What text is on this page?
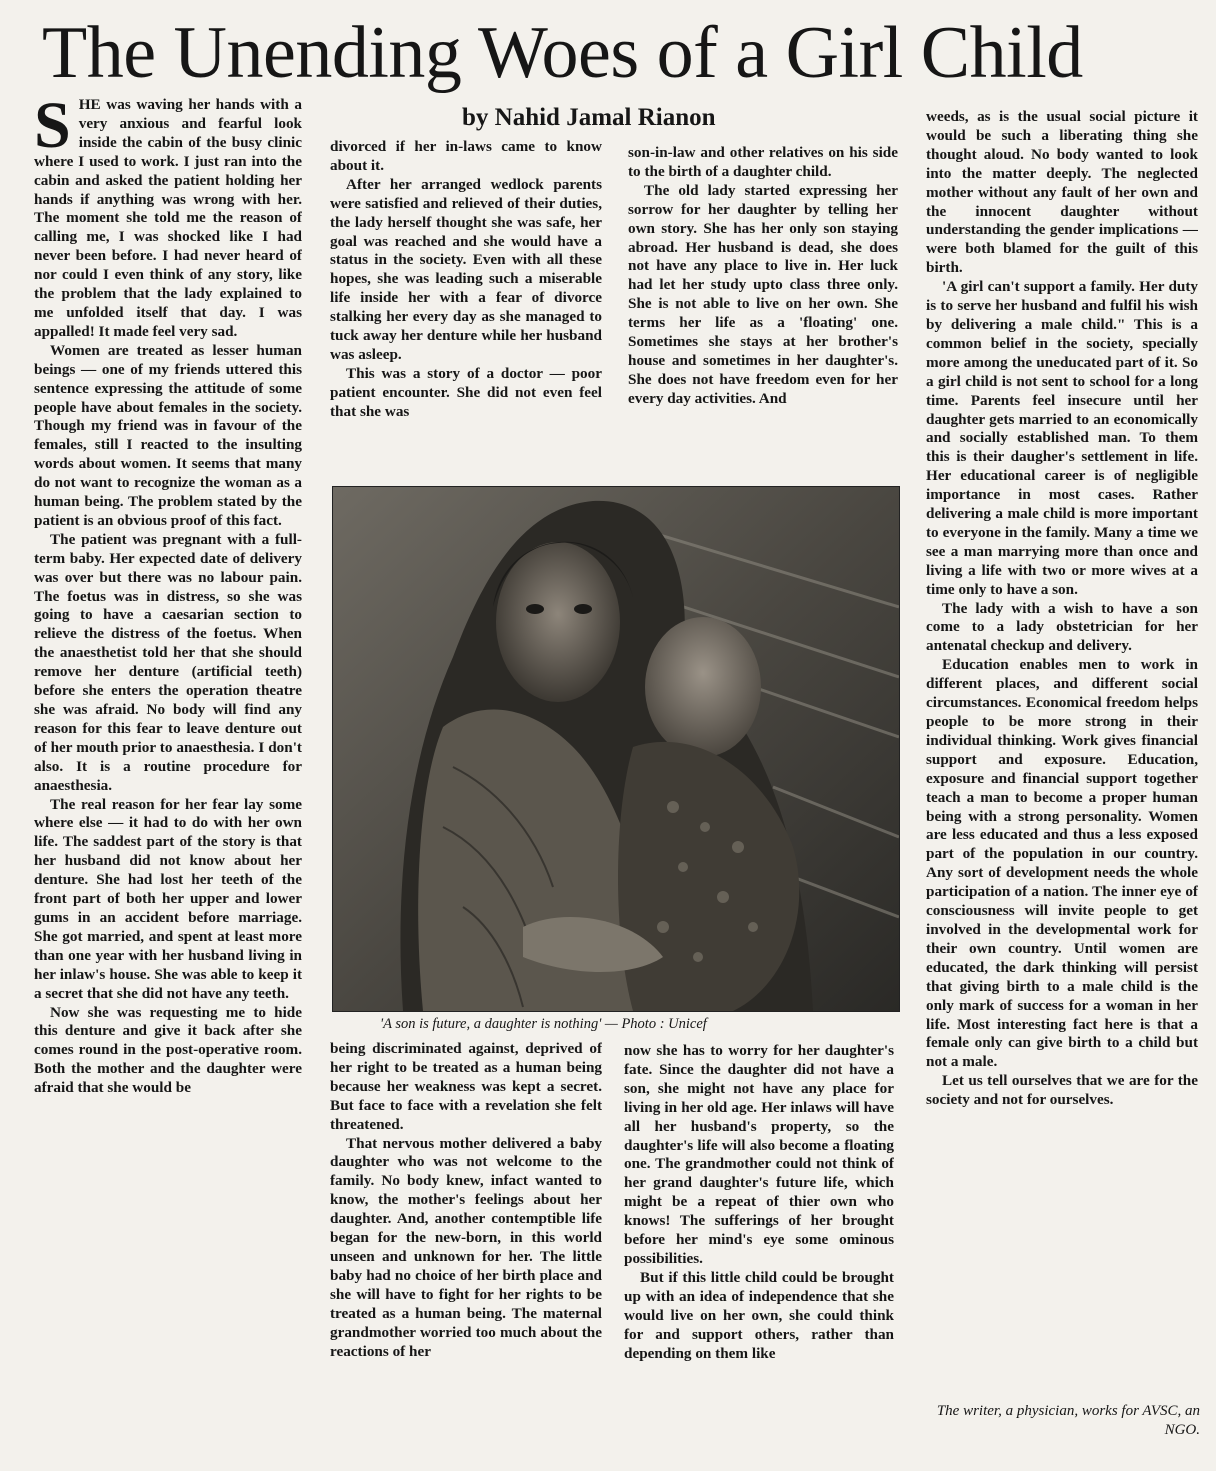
The Unending Woes of a Girl Child
by Nahid Jamal Rianon
S HE was waving her hands with a very anxious and fearful look inside the cabin of the busy clinic where I used to work. I just ran into the cabin and asked the patient holding her hands if anything was wrong with her. The moment she told me the reason of calling me, I was shocked like I had never been before. I had never heard of nor could I even think of any story, like the problem that the lady explained to me unfolded itself that day. I was appalled! It made feel very sad.

Women are treated as lesser human beings — one of my friends uttered this sentence expressing the attitude of some people have about females in the society. Though my friend was in favour of the females, still I reacted to the insulting words about women. It seems that many do not want to recognize the woman as a human being. The problem stated by the patient is an obvious proof of this fact.

The patient was pregnant with a full-term baby. Her expected date of delivery was over but there was no labour pain. The foetus was in distress, so she was going to have a caesarian section to relieve the distress of the foetus. When the anaesthetist told her that she should remove her denture (artificial teeth) before she enters the operation theatre she was afraid. No body will find any reason for this fear to leave denture out of her mouth prior to anaesthesia. I don't also. It is a routine procedure for anaesthesia.

The real reason for her fear lay some where else — it had to do with her own life. The saddest part of the story is that her husband did not know about her denture. She had lost her teeth of the front part of both her upper and lower gums in an accident before marriage. She got married, and spent at least more than one year with her husband living in her inlaw's house. She was able to keep it a secret that she did not have any teeth.

Now she was requesting me to hide this denture and give it back after she comes round in the post-operative room. Both the mother and the daughter were afraid that she would be

divorced if her in-laws came to know about it.

After her arranged wedlock parents were satisfied and relieved of their duties, the lady herself thought she was safe, her goal was reached and she would have a status in the society. Even with all these hopes, she was leading such a miserable life inside her with a fear of divorce stalking her every day as she managed to tuck away her denture while her husband was asleep.

This was a story of a doctor — poor patient encounter. She did not even feel that she was

son-in-law and other relatives on his side to the birth of a daughter child.

The old lady started expressing her sorrow for her daughter by telling her own story. She has her only son staying abroad. Her husband is dead, she does not have any place to live in. Her luck had let her study upto class three only. She is not able to live on her own. She terms her life as a 'floating' one. Sometimes she stays at her brother's house and sometimes in her daughter's. She does not have freedom even for her every day activities. And

'A son is future, a daughter is nothing' — Photo : Unicef

being discriminated against, deprived of her right to be treated as a human being because her weakness was kept a secret. But face to face with a revelation she felt threatened.

That nervous mother delivered a baby daughter who was not welcome to the family. No body knew, infact wanted to know, the mother's feelings about her daughter. And, another contemptible life began for the new-born, in this world unseen and unknown for her. The little baby had no choice of her birth place and she will have to fight for her rights to be treated as a human being. The maternal grandmother worried too much about the reactions of her

now she has to worry for her daughter's fate. Since the daughter did not have a son, she might not have any place for living in her old age. Her inlaws will have all her husband's property, so the daughter's life will also become a floating one. The grandmother could not think of her grand daughter's future life, which might be a repeat of thier own who knows! The sufferings of her brought before her mind's eye some ominous possibilities.

But if this little child could be brought up with an idea of independence that she would live on her own, she could think for and support others, rather than depending on them like

weeds, as is the usual social picture it would be such a liberating thing she thought aloud. No body wanted to look into the matter deeply. The neglected mother without any fault of her own and the innocent daughter without understanding the gender implications — were both blamed for the guilt of this birth.

'A girl can't support a family. Her duty is to serve her husband and fulfil his wish by delivering a male child." This is a common belief in the society, specially more among the uneducated part of it. So a girl child is not sent to school for a long time. Parents feel insecure until her daughter gets married to an economically and socially established man. To them this is their daugher's settlement in life. Her educational career is of negligible importance in most cases. Rather delivering a male child is more important to everyone in the family. Many a time we see a man marrying more than once and living a life with two or more wives at a time only to have a son.

The lady with a wish to have a son come to a lady obstetrician for her antenatal checkup and delivery.

Education enables men to work in different places, and different social circumstances. Economical freedom helps people to be more strong in their individual thinking. Work gives financial support and exposure. Education, exposure and financial support together teach a man to become a proper human being with a strong personality. Women are less educated and thus a less exposed part of the population in our country. Any sort of development needs the whole participation of a nation. The inner eye of consciousness will invite people to get involved in the developmental work for their own country. Until women are educated, the dark thinking will persist that giving birth to a male child is the only mark of success for a woman in her life. Most interesting fact here is that a female only can give birth to a child but not a male.

Let us tell ourselves that we are for the society and not for ourselves.

The writer, a physician, works for AVSC, an NGO.
